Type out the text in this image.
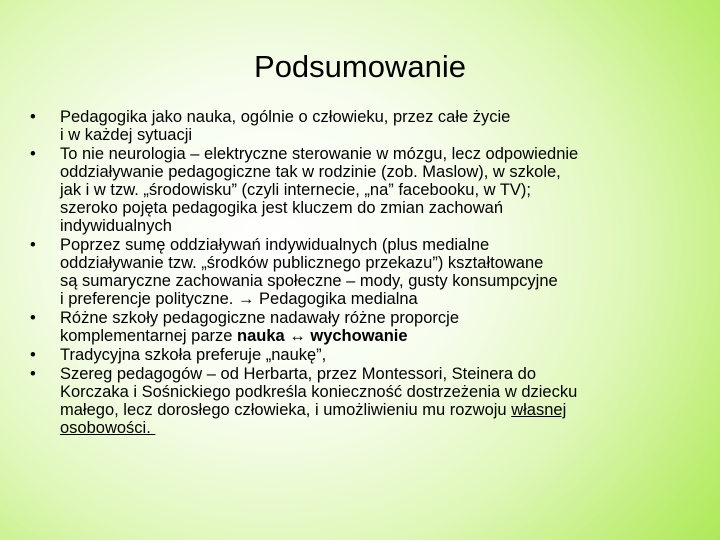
Podsumowanie
• Pedagogika jako nauka, ogólnie o człowieku, przez całe życie
i w każdej sytuacji
• To nie neurologia – elektryczne sterowanie w mózgu, lecz odpowiednie
oddziaływanie pedagogiczne tak w rodzinie (zob. Maslow), w szkole,
jak i w tzw. „środowisku” (czyli internecie, „na” facebooku, w TV);
szeroko pojęta pedagogika jest kluczem do zmian zachowań
indywidualnych
• Poprzez sumę oddziaływań indywidualnych (plus medialne
oddziaływanie tzw. „środków publicznego przekazu”) kształtowane
są sumaryczne zachowania społeczne – mody, gusty konsumpcyjne
i preferencje polityczne. → Pedagogika medialna
• Różne szkoły pedagogiczne nadawały różne proporcje
komplementarnej parze nauka ↔ wychowanie
• Tradycyjna szkoła preferuje „naukę”,
• Szereg pedagogów – od Herbarta, przez Montessori, Steinera do
Korczaka i Sośnickiego podkreśla konieczność dostrzeżenia w dziecku
małego, lecz dorosłego człowieka, i umożliwieniu mu rozwoju własnej
osobowości.
